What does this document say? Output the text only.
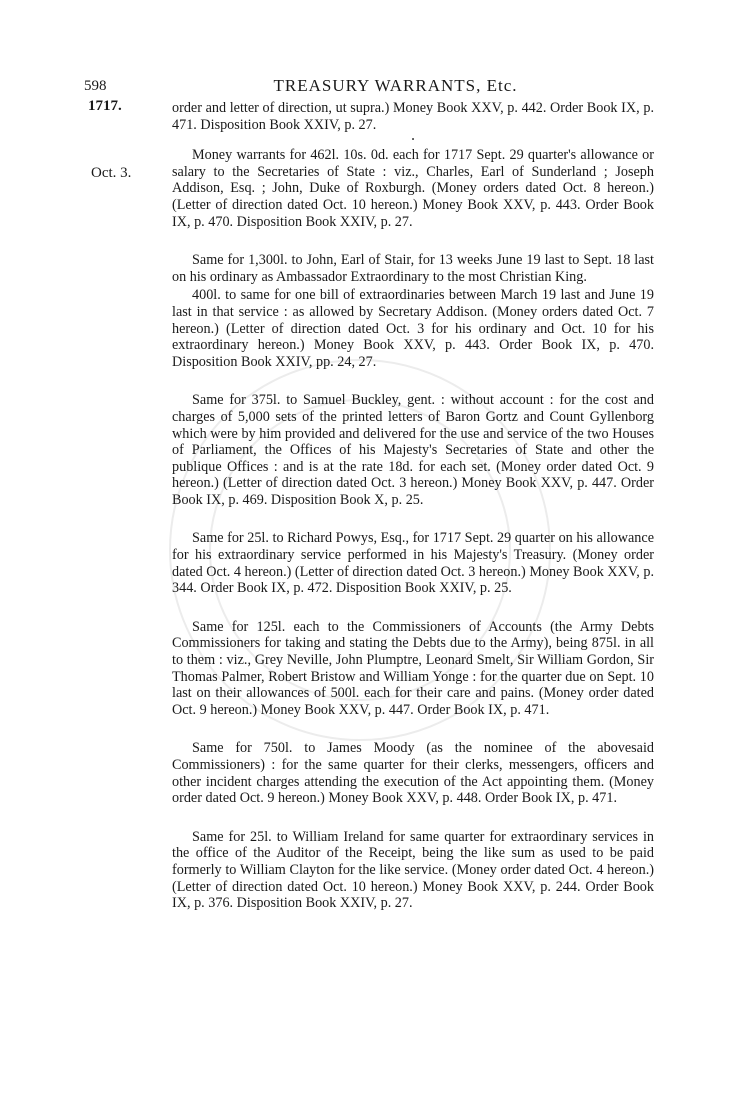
598	TREASURY WARRANTS, Etc.
1717.
Oct. 3.

order and letter of direction, ut supra.) Money Book XXV, p. 442. Order Book IX, p. 471. Disposition Book XXIV, p. 27.

•

Money warrants for 462l. 10s. 0d. each for 1717 Sept. 29 quarter's allowance or salary to the Secretaries of State : viz., Charles, Earl of Sunderland ; Joseph Addison, Esq. ; John, Duke of Roxburgh. (Money orders dated Oct. 8 hereon.) (Letter of direction dated Oct. 10 hereon.) Money Book XXV, p. 443. Order Book IX, p. 470. Disposition Book XXIV, p. 27.

Same for 1,300l. to John, Earl of Stair, for 13 weeks June 19 last to Sept. 18 last on his ordinary as Ambassador Extraordinary to the most Christian King.

400l. to same for one bill of extraordinaries between March 19 last and June 19 last in that service : as allowed by Secretary Addison. (Money orders dated Oct. 7 hereon.) (Letter of direction dated Oct. 3 for his ordinary and Oct. 10 for his extraordinary hereon.) Money Book XXV, p. 443. Order Book IX, p. 470. Disposition Book XXIV, pp. 24, 27.

Same for 375l. to Samuel Buckley, gent. : without account : for the cost and charges of 5,000 sets of the printed letters of Baron Gortz and Count Gyllenborg which were by him provided and delivered for the use and service of the two Houses of Parliament, the Offices of his Majesty's Secretaries of State and other the publique Offices : and is at the rate 18d. for each set. (Money order dated Oct. 9 hereon.) (Letter of direction dated Oct. 3 hereon.) Money Book XXV, p. 447. Order Book IX, p. 469. Disposition Book X, p. 25.

Same for 25l. to Richard Powys, Esq., for 1717 Sept. 29 quarter on his allowance for his extraordinary service performed in his Majesty's Treasury. (Money order dated Oct. 4 hereon.) (Letter of direction dated Oct. 3 hereon.) Money Book XXV, p. 344. Order Book IX, p. 472. Disposition Book XXIV, p. 25.

Same for 125l. each to the Commissioners of Accounts (the Army Debts Commissioners for taking and stating the Debts due to the Army), being 875l. in all to them : viz., Grey Neville, John Plumptre, Leonard Smelt, Sir William Gordon, Sir Thomas Palmer, Robert Bristow and William Yonge : for the quarter due on Sept. 10 last on their allowances of 500l. each for their care and pains. (Money order dated Oct. 9 hereon.) Money Book XXV, p. 447. Order Book IX, p. 471.

Same for 750l. to James Moody (as the nominee of the abovesaid Commissioners) : for the same quarter for their clerks, messengers, officers and other incident charges attending the execution of the Act appointing them. (Money order dated Oct. 9 hereon.) Money Book XXV, p. 448. Order Book IX, p. 471.

Same for 25l. to William Ireland for same quarter for extraordinary services in the office of the Auditor of the Receipt, being the like sum as used to be paid formerly to William Clayton for the like service. (Money order dated Oct. 4 hereon.) (Letter of direction dated Oct. 10 hereon.) Money Book XXV, p. 244. Order Book IX, p. 376. Disposition Book XXIV, p. 27.
